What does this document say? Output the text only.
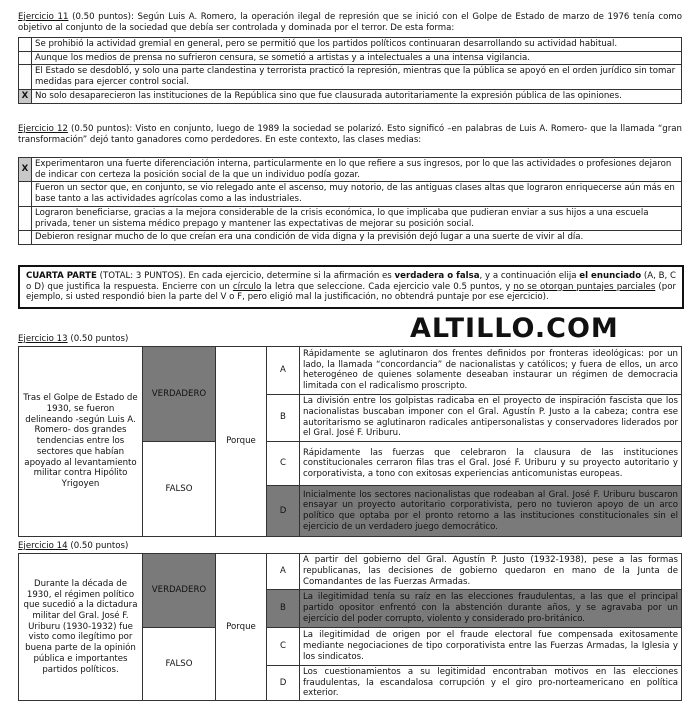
Ejercicio 11 (0.50 puntos): Según Luis A. Romero, la operación ilegal de represión que se inició con el Golpe de Estado de marzo de 1976 tenía como objetivo al conjunto de la sociedad que debía ser controlada y dominada por el terror. De esta forma:
	Se prohibió la actividad gremial en general, pero se permitió que los partidos políticos continuaran desarrollando su actividad habitual.
	Aunque los medios de prensa no sufrieron censura, se sometió a artistas y a intelectuales a una intensa vigilancia.
	El Estado se desdobló, y solo una parte clandestina y terrorista practicó la represión, mientras que la pública se apoyó en el orden jurídico sin tomar medidas para ejercer control social.
X	No solo desaparecieron las instituciones de la República sino que fue clausurada autoritariamente la expresión pública de las opiniones.
Ejercicio 12 (0.50 puntos): Visto en conjunto, luego de 1989 la sociedad se polarizó. Esto significó –en palabras de Luis A. Romero- que la llamada “gran transformación” dejó tanto ganadores como perdedores. En este contexto, las clases medias:
X	Experimentaron una fuerte diferenciación interna, particularmente en lo que refiere a sus ingresos, por lo que las actividades o profesiones dejaron de indicar con certeza la posición social de la que un individuo podía gozar.
	Fueron un sector que, en conjunto, se vio relegado ante el ascenso, muy notorio, de las antiguas clases altas que lograron enriquecerse aún más en base tanto a las actividades agrícolas como a las industriales.
	Lograron beneficiarse, gracias a la mejora considerable de la crisis económica, lo que implicaba que pudieran enviar a sus hijos a una escuela privada, tener un sistema médico prepago y mantener las expectativas de mejorar su posición social.
	Debieron resignar mucho de lo que creían era una condición de vida digna y la previsión dejó lugar a una suerte de vivir al día.
CUARTA PARTE (TOTAL: 3 PUNTOS). En cada ejercicio, determine si la afirmación es verdadera o falsa, y a continuación elija el enunciado (A, B, C o D) que justifica la respuesta. Encierre con un círculo la letra que seleccione. Cada ejercicio vale 0.5 puntos, y no se otorgan puntajes parciales (por ejemplo, si usted respondió bien la parte del V o F, pero eligió mal la justificación, no obtendrá puntaje por ese ejercicio).
ALTILLO.COM
Ejercicio 13 (0.50 puntos)
Tras el Golpe de Estado de 1930, se fueron delineando -según Luis A. Romero- dos grandes tendencias entre los sectores que habían apoyado al levantamiento militar contra Hipólito Yrigoyen	VERDADERO	Porque	A	Rápidamente se aglutinaron dos frentes definidos por fronteras ideológicas: por un lado, la llamada “concordancia” de nacionalistas y católicos; y fuera de ellos, un arco heterogéneo de quienes solamente deseaban instaurar un régimen de democracia limitada con el radicalismo proscripto.
			B	La división entre los golpistas radicaba en el proyecto de inspiración fascista que los nacionalistas buscaban imponer con el Gral. Agustín P. Justo a la cabeza; contra ese autoritarismo se aglutinaron radicales antipersonalistas y conservadores liderados por el Gral. José F. Uriburu.
	FALSO		C	Rápidamente las fuerzas que celebraron la clausura de las instituciones constitucionales cerraron filas tras el Gral. José F. Uriburu y su proyecto autoritario y corporativista, a tono con exitosas experiencias anticomunistas europeas.
			D	Inicialmente los sectores nacionalistas que rodeaban al Gral. José F. Uriburu buscaron ensayar un proyecto autoritario corporativista, pero no tuvieron apoyo de un arco político que optaba por el pronto retorno a las instituciones constitucionales sin el ejercicio de un verdadero juego democrático.
Ejercicio 14 (0.50 puntos)
Durante la década de 1930, el régimen político que sucedió a la dictadura militar del Gral. José F. Uriburu (1930-1932) fue visto como ilegítimo por buena parte de la opinión pública e importantes partidos políticos.	VERDADERO	Porque	A	A partir del gobierno del Gral. Agustín P. Justo (1932-1938), pese a las formas republicanas, las decisiones de gobierno quedaron en mano de la Junta de Comandantes de las Fuerzas Armadas.
			B	La ilegitimidad tenía su raíz en las elecciones fraudulentas, a las que el principal partido opositor enfrentó con la abstención durante años, y se agravaba por un ejercicio del poder corrupto, violento y considerado pro-británico.
	FALSO		C	La ilegitimidad de origen por el fraude electoral fue compensada exitosamente mediante negociaciones de tipo corporativista entre las Fuerzas Armadas, la Iglesia y los sindicatos.
			D	Los cuestionamientos a su legitimidad encontraban motivos en las elecciones fraudulentas, la escandalosa corrupción y el giro pro-norteamericano en política exterior.
